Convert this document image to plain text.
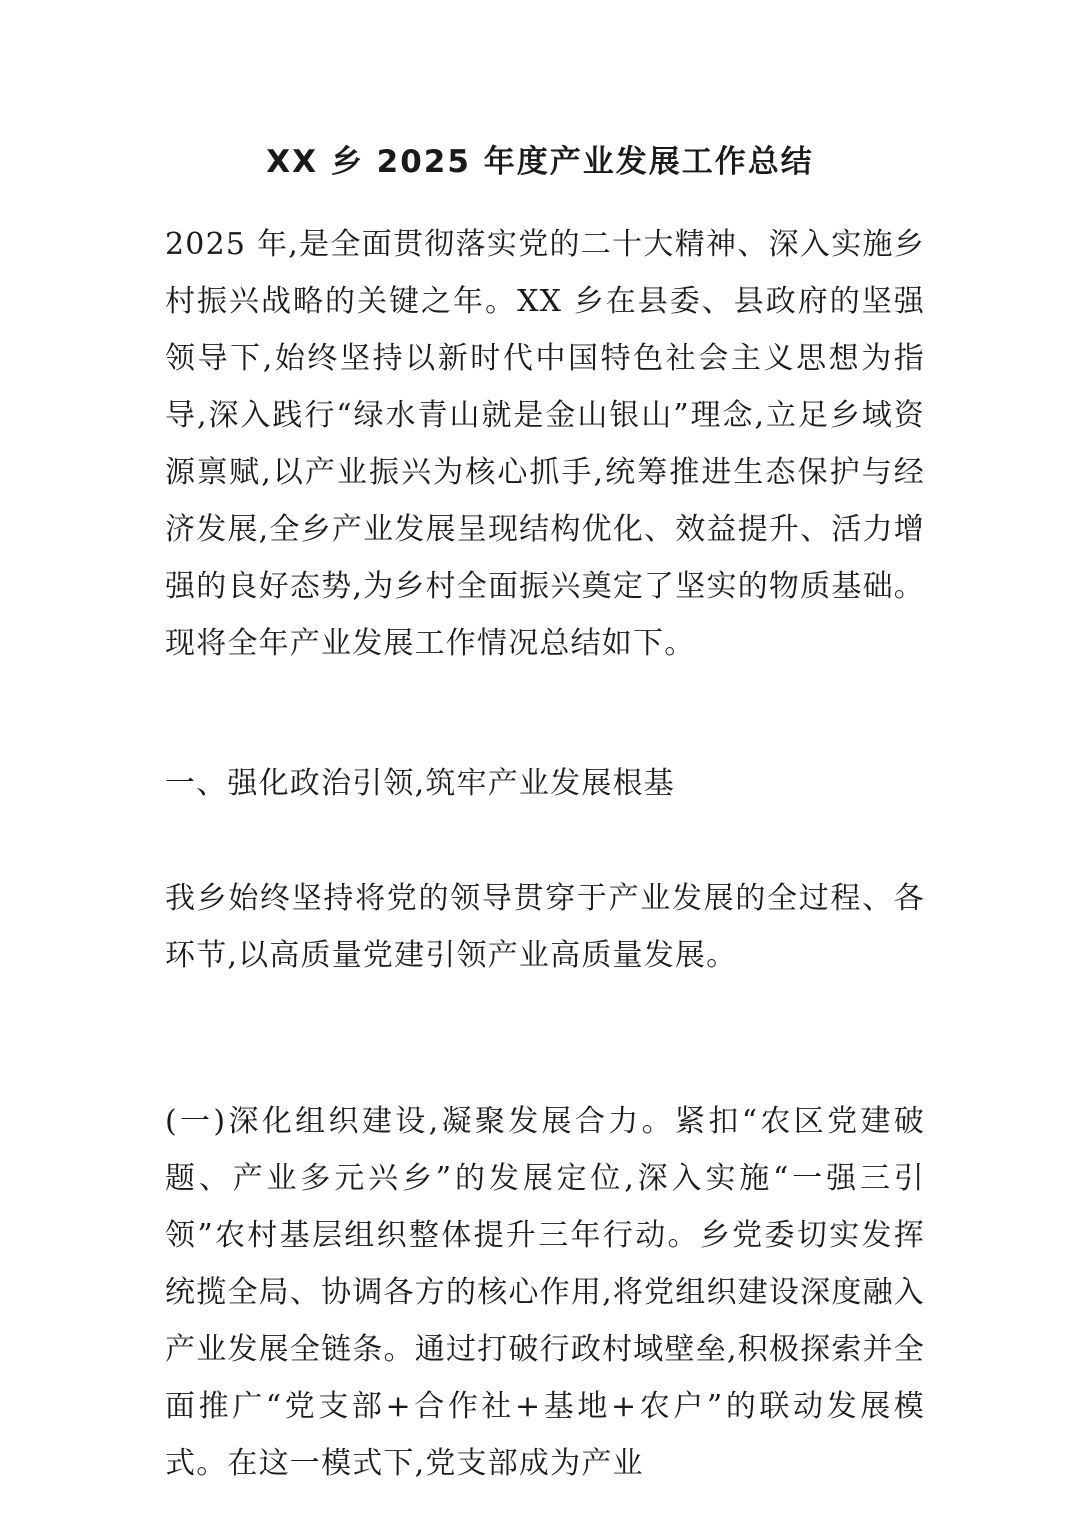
XX 乡 2025 年度产业发展工作总结

2025 年,是全面贯彻落实党的二十大精神、深入实施乡村振兴战略的关键之年。XX 乡在县委、县政府的坚强领导下,始终坚持以新时代中国特色社会主义思想为指导,深入践行“绿水青山就是金山银山”理念,立足乡域资源禀赋,以产业振兴为核心抓手,统筹推进生态保护与经济发展,全乡产业发展呈现结构优化、效益提升、活力增强的良好态势,为乡村全面振兴奠定了坚实的物质基础。现将全年产业发展工作情况总结如下。

一、强化政治引领,筑牢产业发展根基

我乡始终坚持将党的领导贯穿于产业发展的全过程、各环节,以高质量党建引领产业高质量发展。

(一)深化组织建设,凝聚发展合力。紧扣“农区党建破题、产业多元兴乡”的发展定位,深入实施“一强三引领”农村基层组织整体提升三年行动。乡党委切实发挥统揽全局、协调各方的核心作用,将党组织建设深度融入产业发展全链条。通过打破行政村域壁垒,积极探索并全面推广“党支部+合作社+基地+农户”的联动发展模式。在这一模式下,党支部成为产业
